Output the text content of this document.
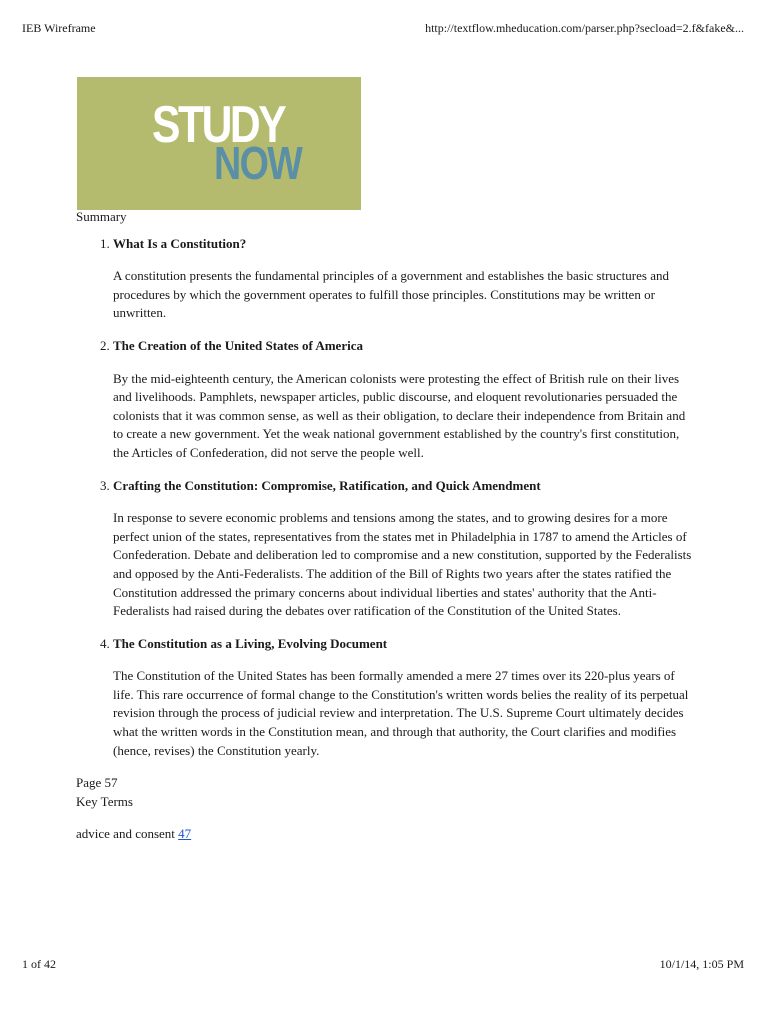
IEB Wireframe	http://textflow.mheducation.com/parser.php?secload=2.f&fake&...
STUDY
NOW
Summary
1. What Is a Constitution?
A constitution presents the fundamental principles of a government and establishes the basic structures and procedures by which the government operates to fulfill those principles. Constitutions may be written or unwritten.
2. The Creation of the United States of America
By the mid-eighteenth century, the American colonists were protesting the effect of British rule on their lives and livelihoods. Pamphlets, newspaper articles, public discourse, and eloquent revolutionaries persuaded the colonists that it was common sense, as well as their obligation, to declare their independence from Britain and to create a new government. Yet the weak national government established by the country's first constitution, the Articles of Confederation, did not serve the people well.
3. Crafting the Constitution: Compromise, Ratification, and Quick Amendment
In response to severe economic problems and tensions among the states, and to growing desires for a more perfect union of the states, representatives from the states met in Philadelphia in 1787 to amend the Articles of Confederation. Debate and deliberation led to compromise and a new constitution, supported by the Federalists and opposed by the Anti-Federalists. The addition of the Bill of Rights two years after the states ratified the Constitution addressed the primary concerns about individual liberties and states' authority that the Anti-Federalists had raised during the debates over ratification of the Constitution of the United States.
4. The Constitution as a Living, Evolving Document
The Constitution of the United States has been formally amended a mere 27 times over its 220-plus years of life. This rare occurrence of formal change to the Constitution's written words belies the reality of its perpetual revision through the process of judicial review and interpretation. The U.S. Supreme Court ultimately decides what the written words in the Constitution mean, and through that authority, the Court clarifies and modifies (hence, revises) the Constitution yearly.
Page 57
Key Terms
advice and consent 47
1 of 42	10/1/14, 1:05 PM
